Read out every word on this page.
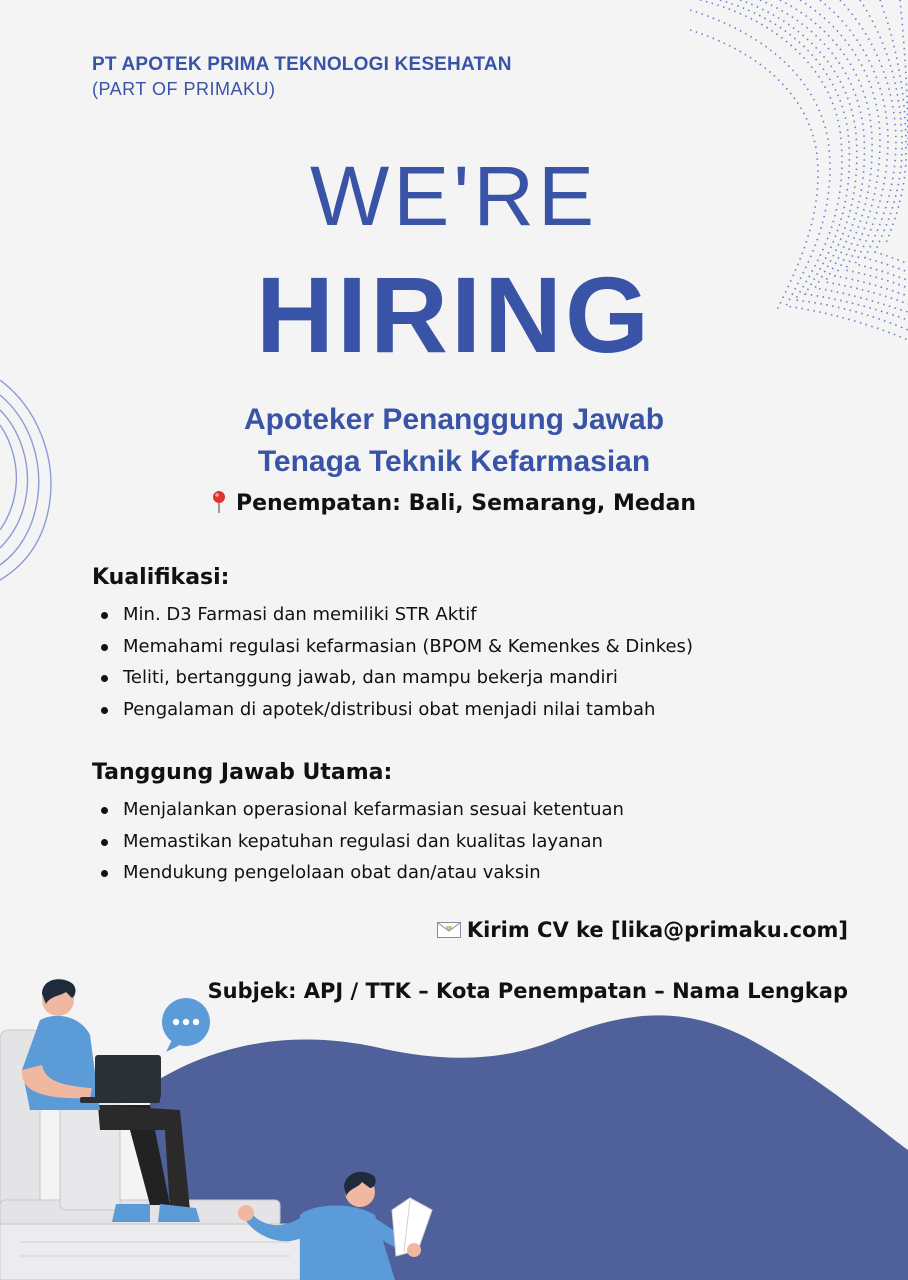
PT APOTEK PRIMA TEKNOLOGI KESEHATAN
(PART OF PRIMAKU)
WE'RE
HIRING
Apoteker Penanggung Jawab
Tenaga Teknik Kefarmasian
Penempatan: Bali, Semarang, Medan
Kualifikasi:
Min. D3 Farmasi dan memiliki STR Aktif
Memahami regulasi kefarmasian (BPOM & Kemenkes & Dinkes)
Teliti, bertanggung jawab, dan mampu bekerja mandiri
Pengalaman di apotek/distribusi obat menjadi nilai tambah
Tanggung Jawab Utama:
Menjalankan operasional kefarmasian sesuai ketentuan
Memastikan kepatuhan regulasi dan kualitas layanan
Mendukung pengelolaan obat dan/atau vaksin
Kirim CV ke [lika@primaku.com]
Subjek: APJ / TTK – Kota Penempatan – Nama Lengkap
